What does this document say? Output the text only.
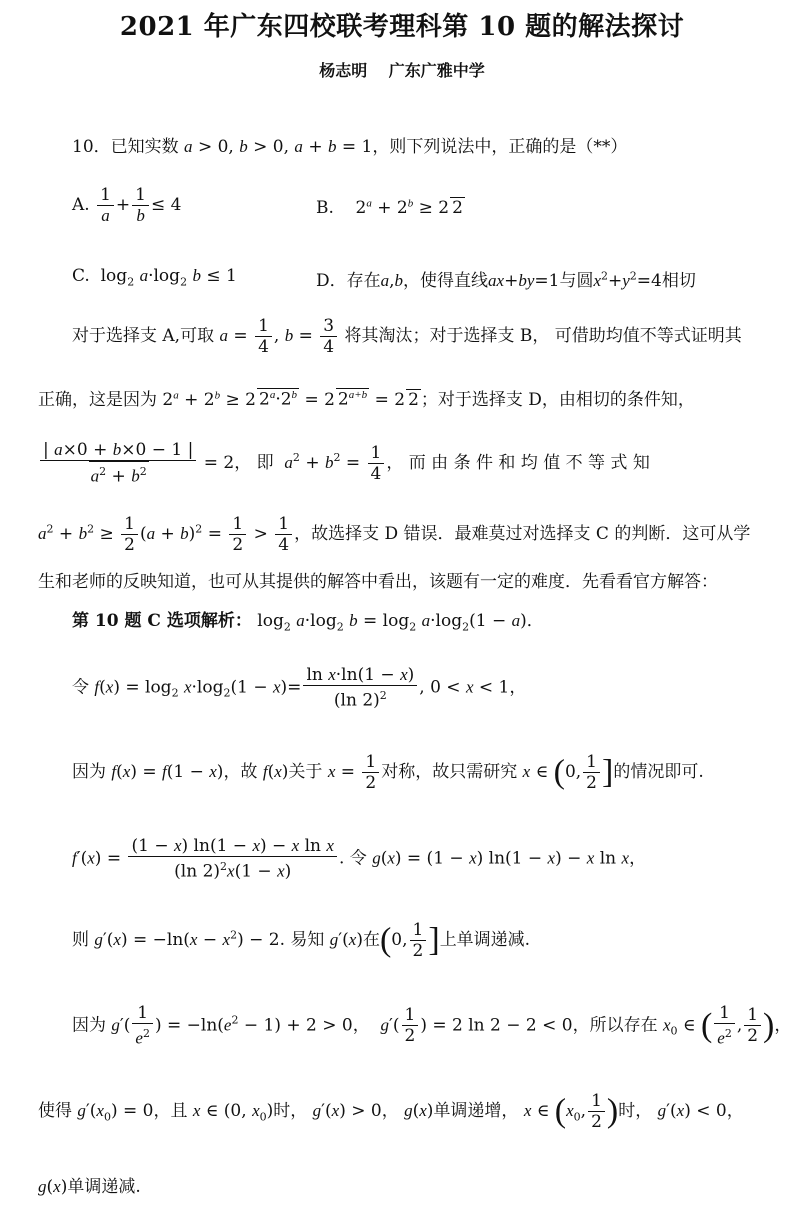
2021 年广东四校联考理科第 10 题的解法探讨
杨志明 广东广雅中学
10．已知实数 a > 0, b > 0, a + b = 1，则下列说法中，正确的是（**）
A. $\frac{1}{a} + \frac{1}{b} \le 4$	B.    $2^a + 2^b \ge 2$ 2
C.  $\log_2 a\cdot\log_2$ b ≤ 1	D．存在a,b，使得直线ax+by=1与圆$x^2+y^2=4$相切
对于选择支 A,可取 $a = \frac{1}{4}$ , $b = \frac{3}{4}$ 将其淘汰；对于选择支 B， 可借助均值不等式证明其
正确，这是因为 $2^a + 2^b \ge 2$ $2^a\cdot 2^b = 2$ $2^{a+b} = 2$ 2 ；对于选择支 D，由相切的条件知，
$\frac{| a\times 0 + b\times 0 - 1 |}{a^2 + b^2} = 2$， 即 $a^2 + b^2 = \frac{1}{4}$ ， 而 由 条 件 和 均 值 不 等 式 知
$a^2 + b^2 \ge \frac{1}{2} (a + b)^2 = \frac{1}{2} > \frac{1}{4}$ ，故选择支 D 错误．最难莫过对选择支 C 的判断．这可从学
生和老师的反映知道，也可从其提供的解答中看出，该题有一定的难度．先看看官方解答：
第 10 题 C 选项解析： $\log_2 a\cdot\log_2$ $b = \log_2 a\cdot\log_2(1 - a)$．
令 $f(x) = \log_2 x\cdot\log_2(1 - x)= \frac{\text{ln x·ln(1 − x)}}{(\ln 2)^2}$ , 0 < x < 1，
因为 f(x) = f(1 − x)，故 f(x)关于 $x = \frac{1}{2}$ 对称，故只需研究 x ∈ (0, $\frac{1}{2}$ ]的情况即可.
$f'(x) = \frac{\text{(1 − x) ln(1 − x) − x ln x}}{(\ln 2)^2x(1 - x)}$ . 令 g(x) = (1 − x) ln(1 − x) − x ln x，
则 $g'(x) = -\ln(x - x^2) - 2$. 易知 g′(x)在(0, $\frac{1}{2}$ ]上单调递减.
因为 $g'( \frac{1}{e^2}$ ) = $-\ln(e^2 - 1) + 2 > 0$，  $g'( \frac{1}{2}$ ) = 2 ln 2 − 2 < 0，所以存在 $x_0$ ∈ ( $\frac{1}{e^2}$ , $\frac{1}{2}$ )，
使得 $g'(x_0) = 0$，且 x ∈ (0, $x_0$)时， g′(x) > 0， g(x)单调递增， x ∈ ($x_0$, $\frac{1}{2}$ )时， g′(x) < 0，
g(x)单调递减.
